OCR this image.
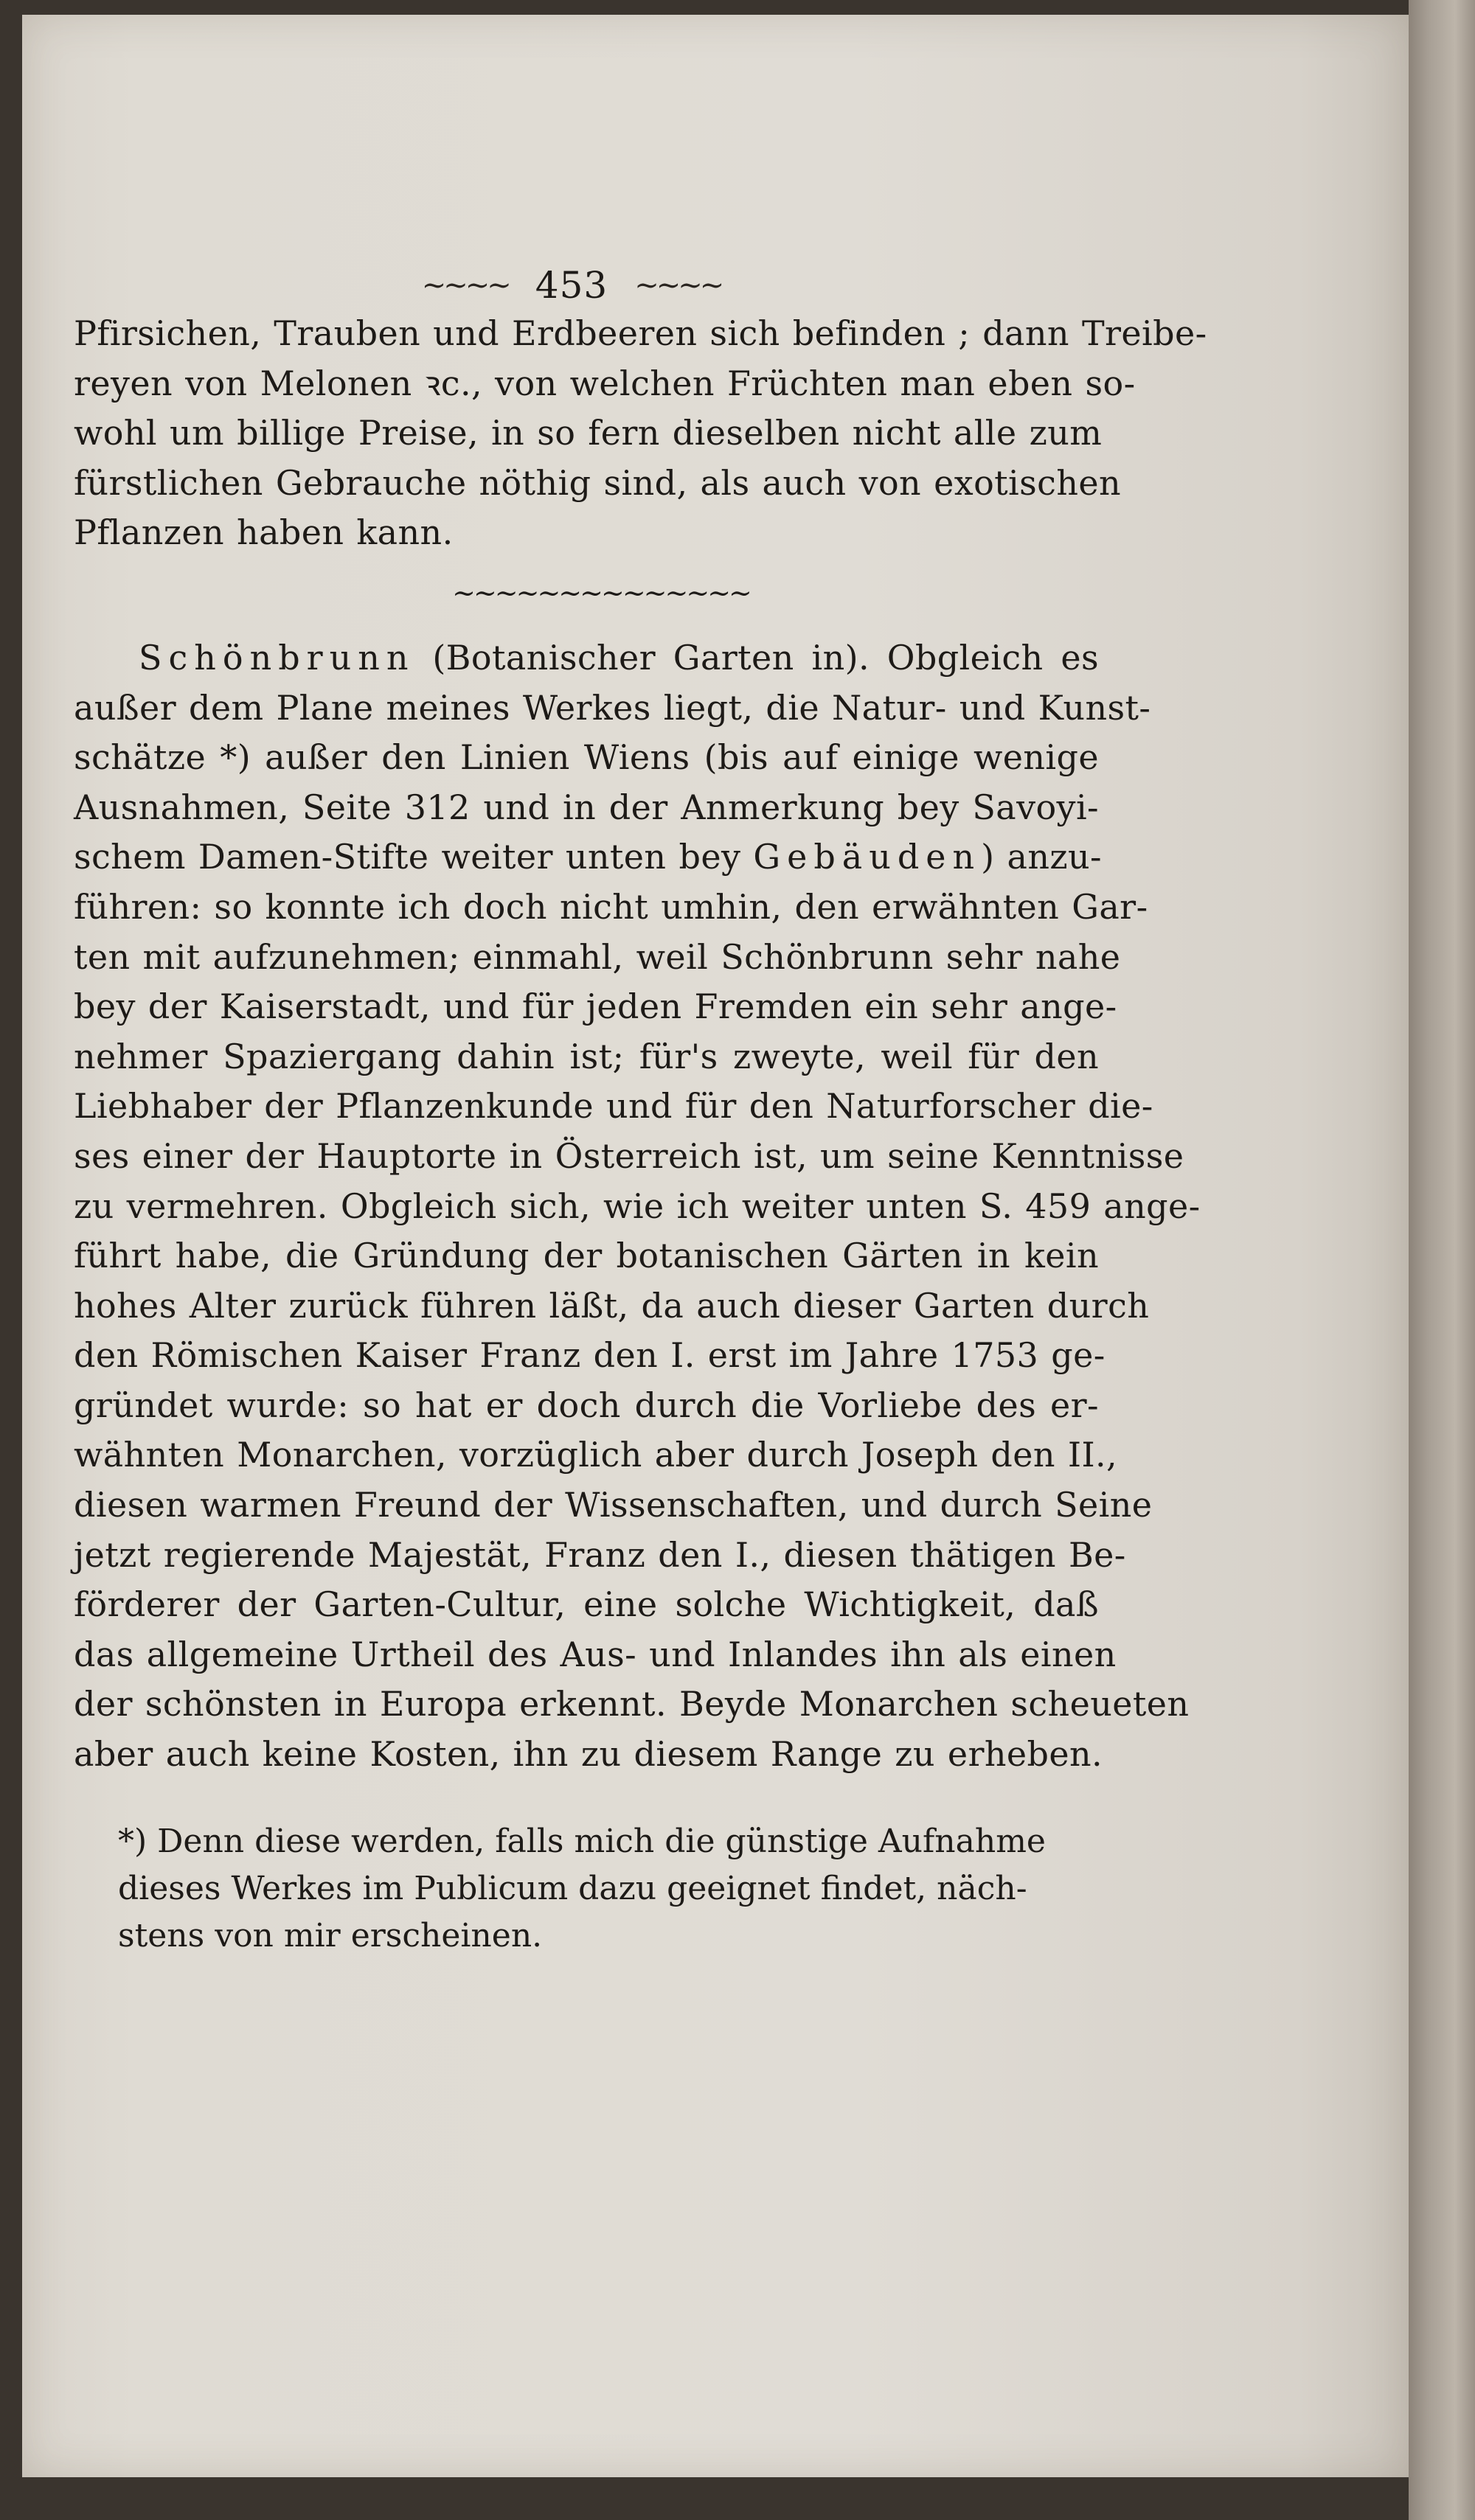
~~~~ 453 ~~~~
Pfirsichen, Trauben und Erdbeeren sich befinden ; dann Treibe-
reyen von Melonen ꝛc., von welchen Früchten man eben so-
wohl um billige Preise, in so fern dieselben nicht alle zum
fürstlichen Gebrauche nöthig sind, als auch von exotischen
Pflanzen haben kann.
~~~~~~~~~~~~~~
Schönbrunn (Botanischer Garten in). Obgleich es
außer dem Plane meines Werkes liegt, die Natur- und Kunst-
schätze *) außer den Linien Wiens (bis auf einige wenige
Ausnahmen, Seite 312 und in der Anmerkung bey Savoyi-
schem Damen-Stifte weiter unten bey Gebäuden) anzu-
führen: so konnte ich doch nicht umhin, den erwähnten Gar-
ten mit aufzunehmen; einmahl, weil Schönbrunn sehr nahe
bey der Kaiserstadt, und für jeden Fremden ein sehr ange-
nehmer Spaziergang dahin ist; für's zweyte, weil für den
Liebhaber der Pflanzenkunde und für den Naturforscher die-
ses einer der Hauptorte in Österreich ist, um seine Kenntnisse
zu vermehren. Obgleich sich, wie ich weiter unten S. 459 ange-
führt habe, die Gründung der botanischen Gärten in kein
hohes Alter zurück führen läßt, da auch dieser Garten durch
den Römischen Kaiser Franz den I. erst im Jahre 1753 ge-
gründet wurde: so hat er doch durch die Vorliebe des er-
wähnten Monarchen, vorzüglich aber durch Joseph den II.,
diesen warmen Freund der Wissenschaften, und durch Seine
jetzt regierende Majestät, Franz den I., diesen thätigen Be-
förderer der Garten-Cultur, eine solche Wichtigkeit, daß
das allgemeine Urtheil des Aus- und Inlandes ihn als einen
der schönsten in Europa erkennt. Beyde Monarchen scheueten
aber auch keine Kosten, ihn zu diesem Range zu erheben.
*) Denn diese werden, falls mich die günstige Aufnahme
dieses Werkes im Publicum dazu geeignet findet, näch-
stens von mir erscheinen.
